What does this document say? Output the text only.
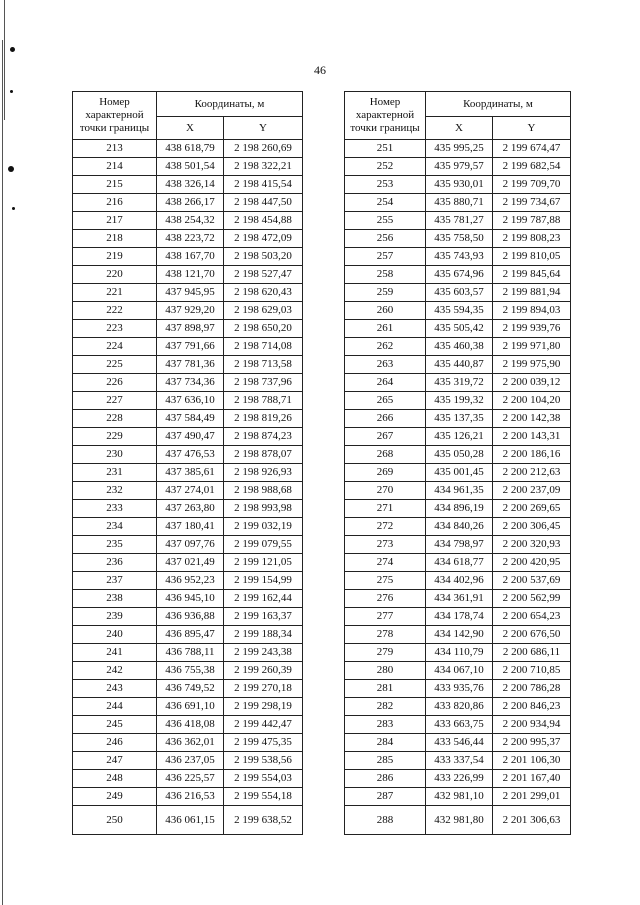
46
Номер
характерной
точки границы	Координаты, м	
	X	Y
213	438 618,79	2 198 260,69
214	438 501,54	2 198 322,21
215	438 326,14	2 198 415,54
216	438 266,17	2 198 447,50
217	438 254,32	2 198 454,88
218	438 223,72	2 198 472,09
219	438 167,70	2 198 503,20
220	438 121,70	2 198 527,47
221	437 945,95	2 198 620,43
222	437 929,20	2 198 629,03
223	437 898,97	2 198 650,20
224	437 791,66	2 198 714,08
225	437 781,36	2 198 713,58
226	437 734,36	2 198 737,96
227	437 636,10	2 198 788,71
228	437 584,49	2 198 819,26
229	437 490,47	2 198 874,23
230	437 476,53	2 198 878,07
231	437 385,61	2 198 926,93
232	437 274,01	2 198 988,68
233	437 263,80	2 198 993,98
234	437 180,41	2 199 032,19
235	437 097,76	2 199 079,55
236	437 021,49	2 199 121,05
237	436 952,23	2 199 154,99
238	436 945,10	2 199 162,44
239	436 936,88	2 199 163,37
240	436 895,47	2 199 188,34
241	436 788,11	2 199 243,38
242	436 755,38	2 199 260,39
243	436 749,52	2 199 270,18
244	436 691,10	2 199 298,19
245	436 418,08	2 199 442,47
246	436 362,01	2 199 475,35
247	436 237,05	2 199 538,56
248	436 225,57	2 199 554,03
249	436 216,53	2 199 554,18
250	436 061,15	2 199 638,52
Номер
характерной
точки границы	Координаты, м	
	X	Y
251	435 995,25	2 199 674,47
252	435 979,57	2 199 682,54
253	435 930,01	2 199 709,70
254	435 880,71	2 199 734,67
255	435 781,27	2 199 787,88
256	435 758,50	2 199 808,23
257	435 743,93	2 199 810,05
258	435 674,96	2 199 845,64
259	435 603,57	2 199 881,94
260	435 594,35	2 199 894,03
261	435 505,42	2 199 939,76
262	435 460,38	2 199 971,80
263	435 440,87	2 199 975,90
264	435 319,72	2 200 039,12
265	435 199,32	2 200 104,20
266	435 137,35	2 200 142,38
267	435 126,21	2 200 143,31
268	435 050,28	2 200 186,16
269	435 001,45	2 200 212,63
270	434 961,35	2 200 237,09
271	434 896,19	2 200 269,65
272	434 840,26	2 200 306,45
273	434 798,97	2 200 320,93
274	434 618,77	2 200 420,95
275	434 402,96	2 200 537,69
276	434 361,91	2 200 562,99
277	434 178,74	2 200 654,23
278	434 142,90	2 200 676,50
279	434 110,79	2 200 686,11
280	434 067,10	2 200 710,85
281	433 935,76	2 200 786,28
282	433 820,86	2 200 846,23
283	433 663,75	2 200 934,94
284	433 546,44	2 200 995,37
285	433 337,54	2 201 106,30
286	433 226,99	2 201 167,40
287	432 981,10	2 201 299,01
288	432 981,80	2 201 306,63
